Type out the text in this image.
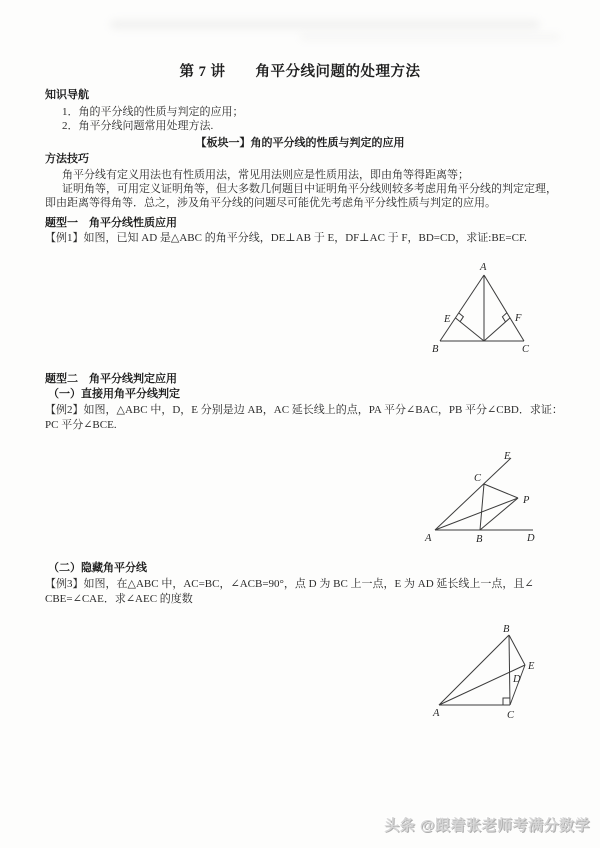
第 7 讲　　角平分线问题的处理方法
知识导航
1．角的平分线的性质与判定的应用；
2．角平分线问题常用处理方法.
【板块一】角的平分线的性质与判定的应用
方法技巧
角平分线有定义用法也有性质用法，常见用法则应是性质用法，即由角等得距离等；
证明角等，可用定义证明角等，但大多数几何题目中证明角平分线则较多考虑用角平分线的判定定理，
即由距离等得角等．总之，涉及角平分线的问题尽可能优先考虑角平分线性质与判定的应用。
题型一　角平分线性质应用
【例1】如图，已知 AD 是△ABC 的角平分线，DE⊥AB 于 E，DF⊥AC 于 F，BD=CD，求证:BE=CF.
A
B	C
E	F
题型二　角平分线判定应用
（一）直接用角平分线判定
【例2】如图，△ABC 中，D，E 分别是边 AB，AC 延长线上的点，PA 平分∠BAC，PB 平分∠CBD．求证：
PC 平分∠BCE.
A	B	D
C
E
P
（二）隐藏角平分线
【例3】如图，在△ABC 中，AC=BC，∠ACB=90°，点 D 为 BC 上一点，E 为 AD 延长线上一点，且∠
CBE=∠CAE．求∠AEC 的度数
A	C
B
E
D
头条 @跟着张老师考满分数学
